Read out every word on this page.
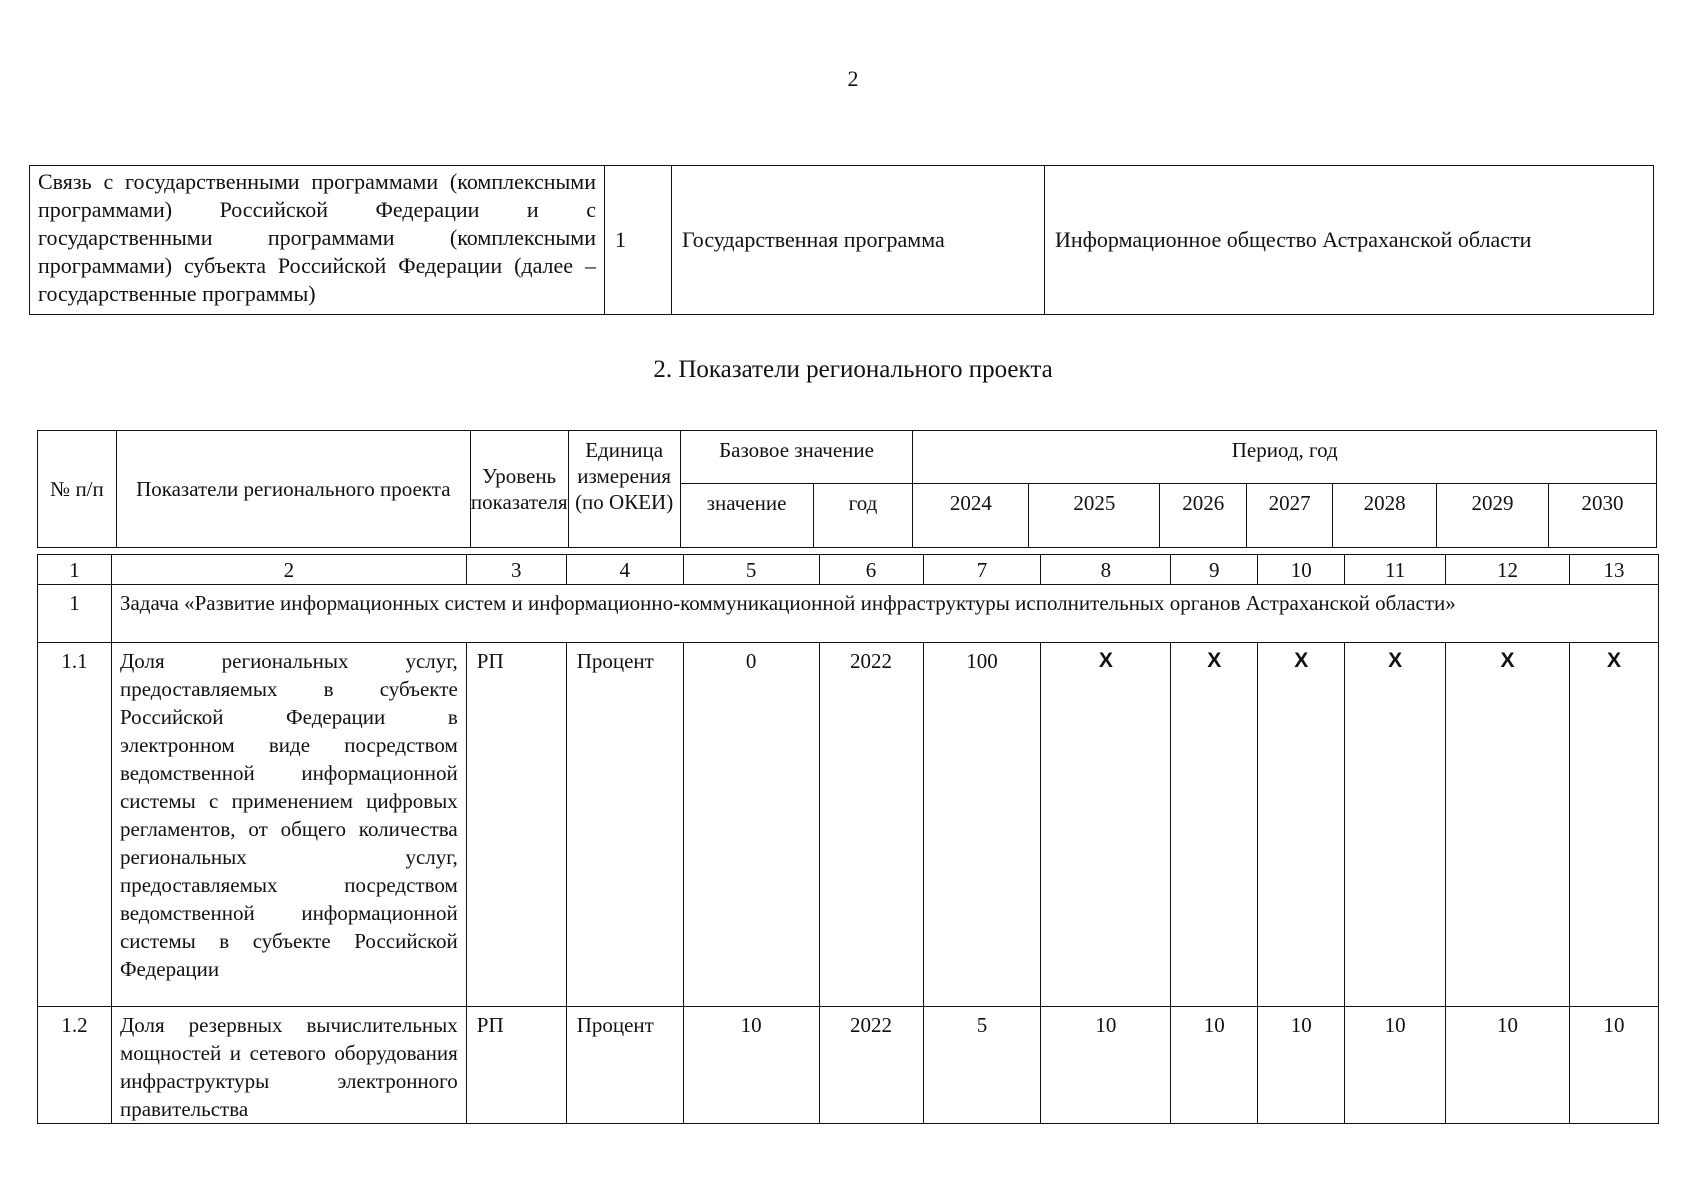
2
Связь с государственными программами (комплексными программами) Российской Федерации и с государственными программами (комплексными программами) субъекта Российской Федерации (далее – государственные программы)	1	Государственная программа	Информационное общество Астраханской области
2. Показатели регионального проекта
№ п/п	Показатели регионального проекта	Уровень показателя	Единица измерения (по ОКЕИ)	Базовое значение		Период, год						
				значение	год	2024	2025	2026	2027	2028	2029	2030
1	2	3	4	5	6	7	8	9	10	11	12	13
1	Задача «Развитие информационных систем и информационно-коммуникационной инфраструктуры исполнительных органов Астраханской области»											
1.1	Доля региональных услуг, предоставляемых в субъекте Российской Федерации в электронном виде посредством ведомственной информационной системы с применением цифровых регламентов, от общего количества региональных услуг, предоставляемых посредством ведомственной информационной системы в субъекте Российской Федерации	РП	Процент	0	2022	100	Х	Х	Х	Х	Х	Х
1.2	Доля резервных вычислительных мощностей и сетевого оборудования инфраструктуры электронного правительства	РП	Процент	10	2022	5	10	10	10	10	10	10
